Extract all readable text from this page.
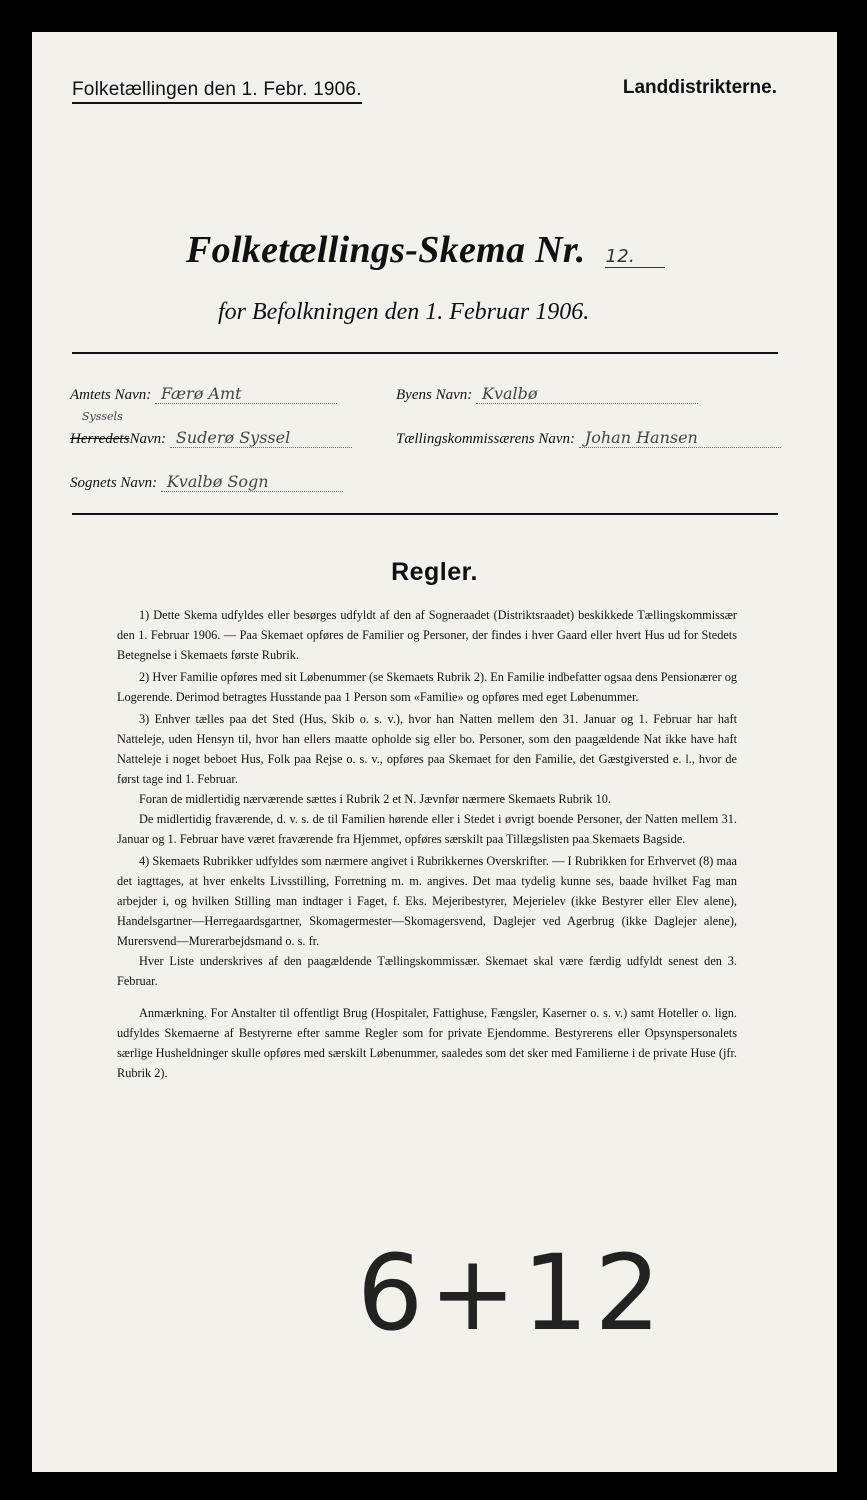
Folketællingen den 1. Febr. 1906.	Landdistrikterne.
Folketællings-Skema Nr. 12.
for Befolkningen den 1. Februar 1906.
Amtets Navn: Færø Amt	Byens Navn: Kvalbø
Syssels
HerredetsNavn: Suderø Syssel	Tællingskommissærens Navn: Johan Hansen
Sognets Navn: Kvalbø Sogn
Regler.

1) Dette Skema udfyldes eller besørges udfyldt af den af Sogneraadet (Distriktsraadet) beskikkede Tællingskommissær den 1. Februar 1906. — Paa Skemaet opføres de Familier og Personer, der findes i hver Gaard eller hvert Hus ud for Stedets Betegnelse i Skemaets første Rubrik.

2) Hver Familie opføres med sit Løbenummer (se Skemaets Rubrik 2). En Familie indbefatter ogsaa dens Pensionærer og Logerende. Derimod betragtes Husstande paa 1 Person som «Familie» og opføres med eget Løbenummer.

3) Enhver tælles paa det Sted (Hus, Skib o. s. v.), hvor han Natten mellem den 31. Januar og 1. Februar har haft Natteleje, uden Hensyn til, hvor han ellers maatte opholde sig eller bo. Personer, som den paagældende Nat ikke have haft Natteleje i noget beboet Hus, Folk paa Rejse o. s. v., opføres paa Skemaet for den Familie, det Gæstgiversted e. l., hvor de først tage ind 1. Februar.

Foran de midlertidig nærværende sættes i Rubrik 2 et N. Jævnfør nærmere Skemaets Rubrik 10.

De midlertidig fraværende, d. v. s. de til Familien hørende eller i Stedet i øvrigt boende Personer, der Natten mellem 31. Januar og 1. Februar have været fraværende fra Hjemmet, opføres særskilt paa Tillægslisten paa Skemaets Bagside.

4) Skemaets Rubrikker udfyldes som nærmere angivet i Rubrikkernes Overskrifter. — I Rubrikken for Erhvervet (8) maa det iagttages, at hver enkelts Livsstilling, Forretning m. m. angives. Det maa tydelig kunne ses, baade hvilket Fag man arbejder i, og hvilken Stilling man indtager i Faget, f. Eks. Mejeribestyrer, Mejerielev (ikke Bestyrer eller Elev alene), Handelsgartner—Herregaardsgartner, Skomagermester—Skomagersvend, Daglejer ved Agerbrug (ikke Daglejer alene), Murersvend—Murerarbejdsmand o. s. fr.

Hver Liste underskrives af den paagældende Tællingskommissær. Skemaet skal være færdig udfyldt senest den 3. Februar.

Anmærkning. For Anstalter til offentligt Brug (Hospitaler, Fattighuse, Fængsler, Kaserner o. s. v.) samt Hoteller o. lign. udfyldes Skemaerne af Bestyrerne efter samme Regler som for private Ejendomme. Bestyrerens eller Opsynspersonalets særlige Husheldninger skulle opføres med særskilt Løbenummer, saaledes som det sker med Familierne i de private Huse (jfr. Rubrik 2).

6+12
